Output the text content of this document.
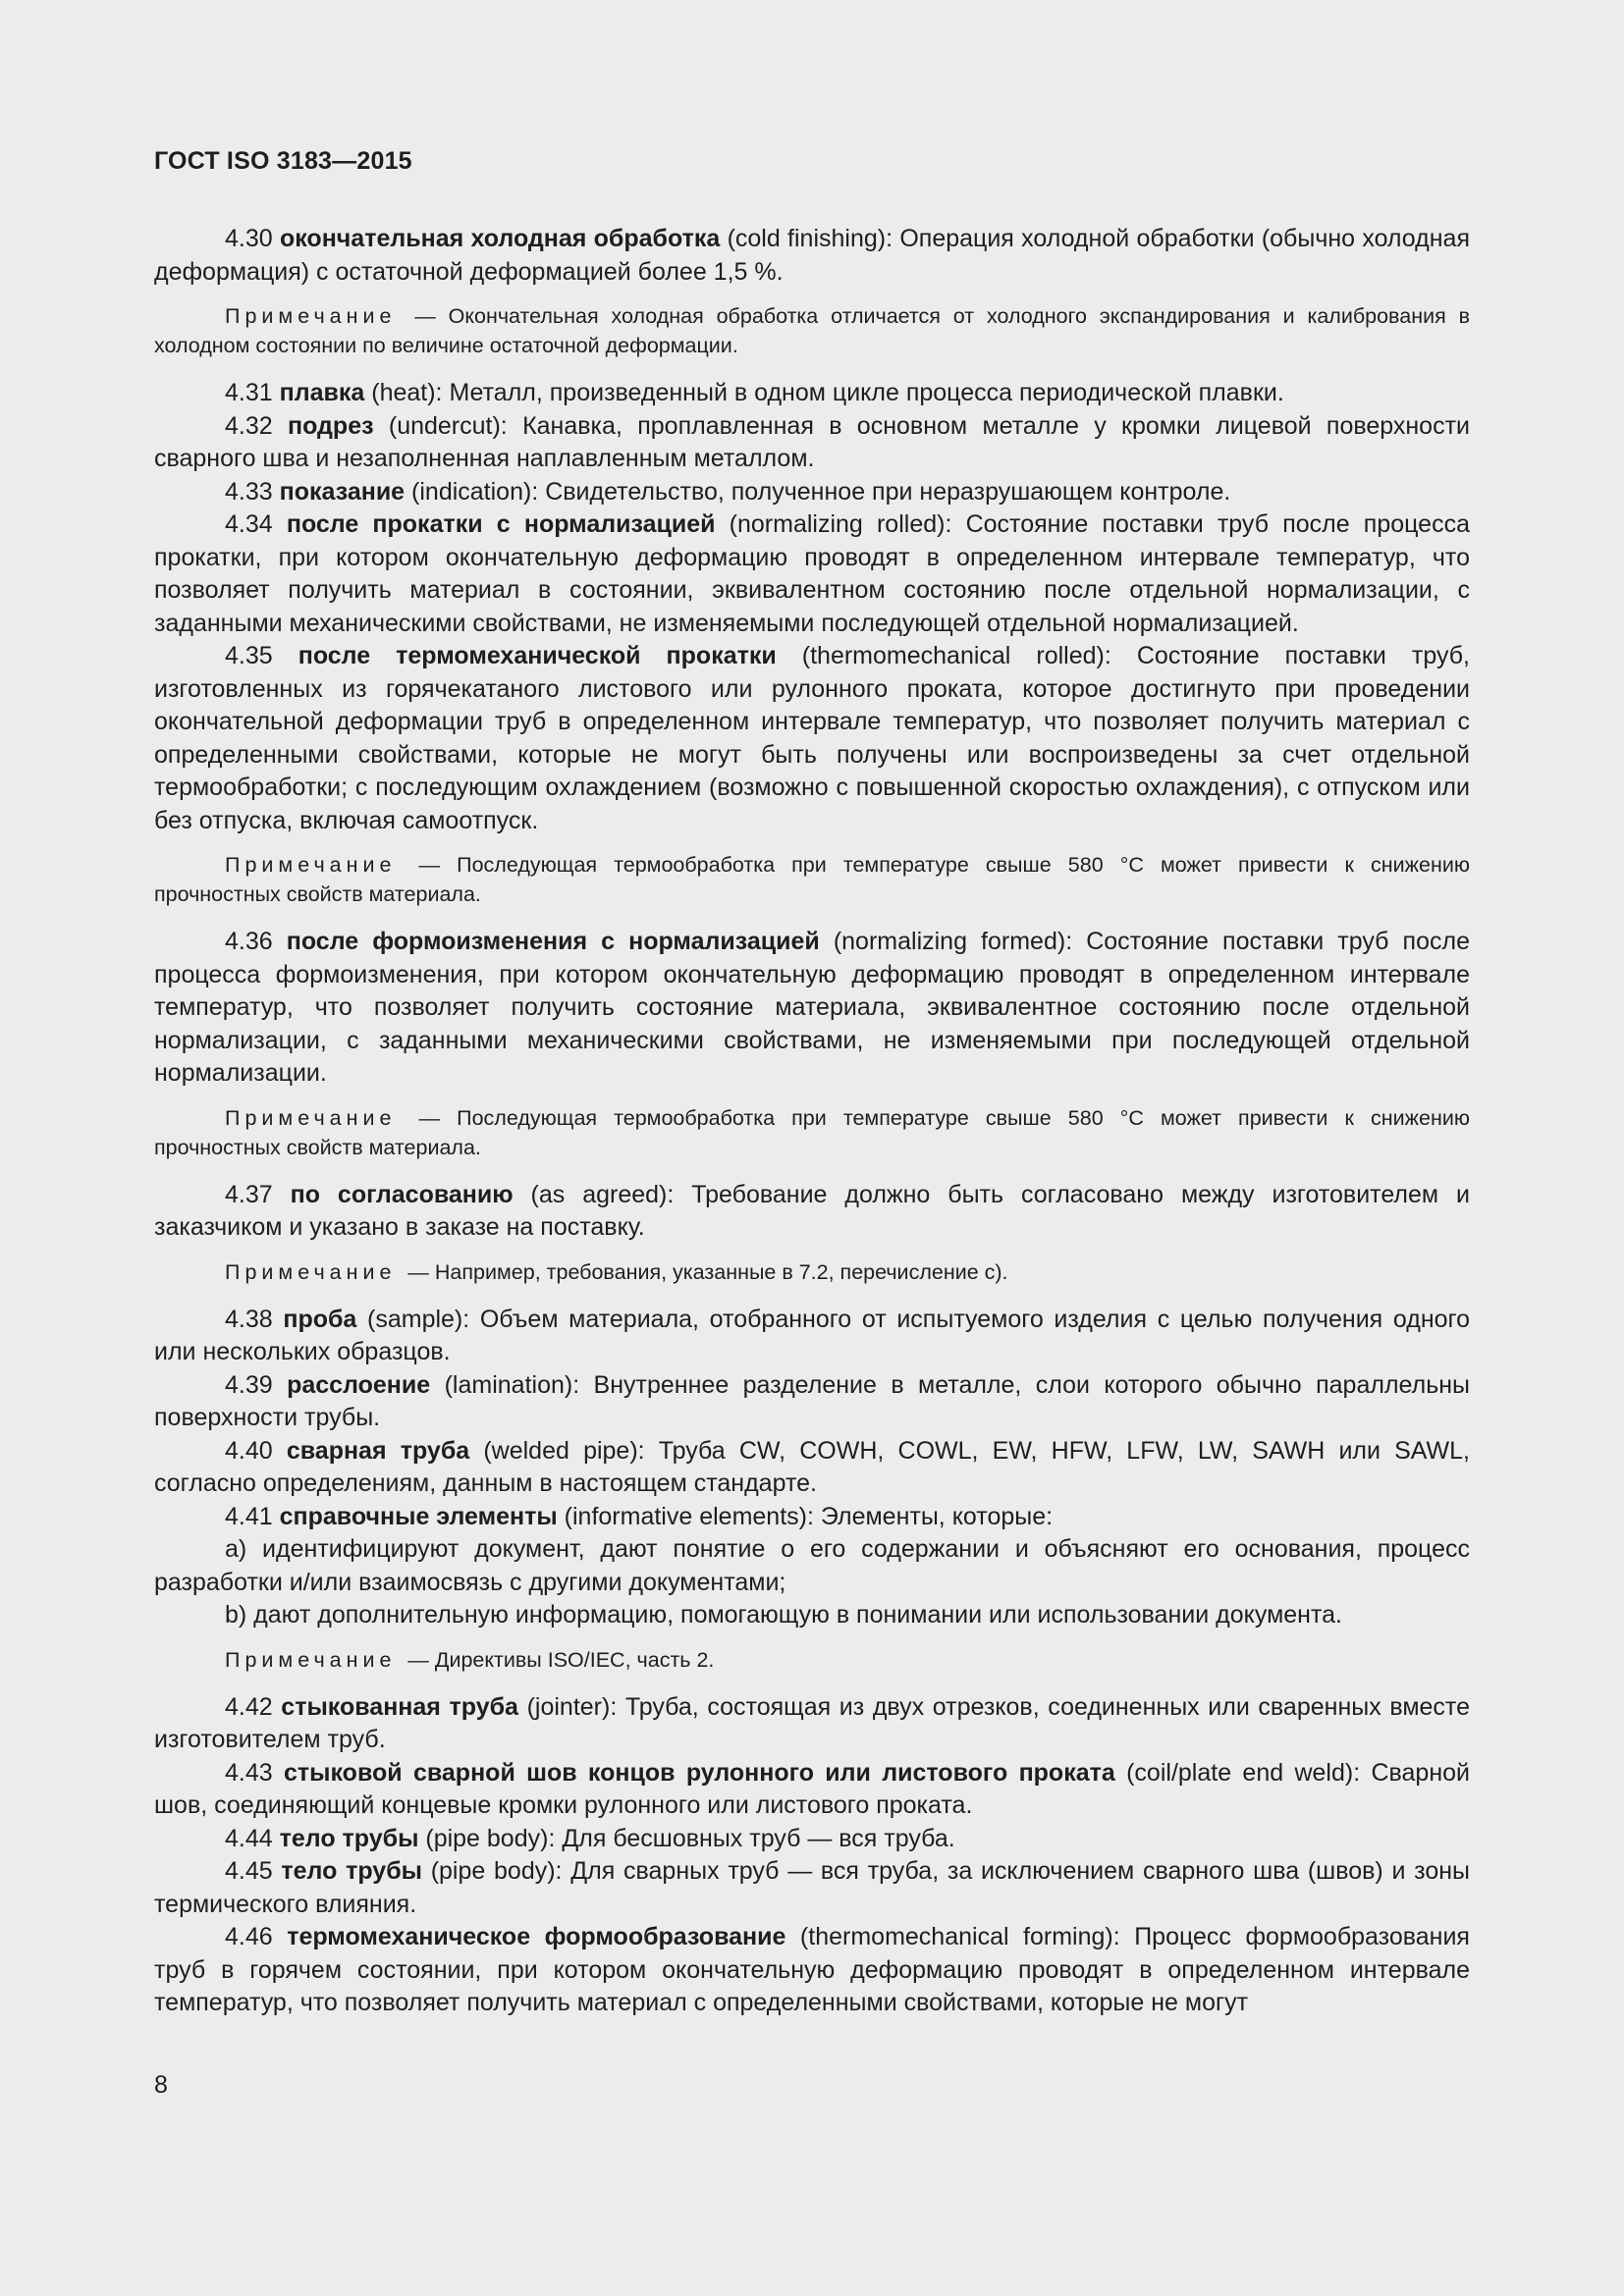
ГОСТ ISO 3183—2015

4.30 окончательная холодная обработка (cold finishing): Операция холодной обработки (обычно холодная деформация) с остаточной деформацией более 1,5 %.

Примечание — Окончательная холодная обработка отличается от холодного экспандирования и калибрования в холодном состоянии по величине остаточной деформации.

4.31 плавка (heat): Металл, произведенный в одном цикле процесса периодической плавки.

4.32 подрез (undercut): Канавка, проплавленная в основном металле у кромки лицевой поверхности сварного шва и незаполненная наплавленным металлом.

4.33 показание (indication): Свидетельство, полученное при неразрушающем контроле.

4.34 после прокатки с нормализацией (normalizing rolled): Состояние поставки труб после процесса прокатки, при котором окончательную деформацию проводят в определенном интервале температур, что позволяет получить материал в состоянии, эквивалентном состоянию после отдельной нормализации, с заданными механическими свойствами, не изменяемыми последующей отдельной нормализацией.

4.35 после термомеханической прокатки (thermomechanical rolled): Состояние поставки труб, изготовленных из горячекатаного листового или рулонного проката, которое достигнуто при проведении окончательной деформации труб в определенном интервале температур, что позволяет получить материал с определенными свойствами, которые не могут быть получены или воспроизведены за счет отдельной термообработки; с последующим охлаждением (возможно с повышенной скоростью охлаждения), с отпуском или без отпуска, включая самоотпуск.

Примечание — Последующая термообработка при температуре свыше 580 °C может привести к снижению прочностных свойств материала.

4.36 после формоизменения с нормализацией (normalizing formed): Состояние поставки труб после процесса формоизменения, при котором окончательную деформацию проводят в определенном интервале температур, что позволяет получить состояние материала, эквивалентное состоянию после отдельной нормализации, с заданными механическими свойствами, не изменяемыми при последующей отдельной нормализации.

Примечание — Последующая термообработка при температуре свыше 580 °C может привести к снижению прочностных свойств материала.

4.37 по согласованию (as agreed): Требование должно быть согласовано между изготовителем и заказчиком и указано в заказе на поставку.

Примечание — Например, требования, указанные в 7.2, перечисление c).

4.38 проба (sample): Объем материала, отобранного от испытуемого изделия с целью получения одного или нескольких образцов.

4.39 расслоение (lamination): Внутреннее разделение в металле, слои которого обычно параллельны поверхности трубы.

4.40 сварная труба (welded pipe): Труба CW, COWH, COWL, EW, HFW, LFW, LW, SAWH или SAWL, согласно определениям, данным в настоящем стандарте.

4.41 справочные элементы (informative elements): Элементы, которые:

a) идентифицируют документ, дают понятие о его содержании и объясняют его основания, процесс разработки и/или взаимосвязь с другими документами;

b) дают дополнительную информацию, помогающую в понимании или использовании документа.

Примечание — Директивы ISO/IEC, часть 2.

4.42 стыкованная труба (jointer): Труба, состоящая из двух отрезков, соединенных или сваренных вместе изготовителем труб.

4.43 стыковой сварной шов концов рулонного или листового проката (coil/plate end weld): Сварной шов, соединяющий концевые кромки рулонного или листового проката.

4.44 тело трубы (pipe body): Для бесшовных труб — вся труба.

4.45 тело трубы (pipe body): Для сварных труб — вся труба, за исключением сварного шва (швов) и зоны термического влияния.

4.46 термомеханическое формообразование (thermomechanical forming): Процесс формообразования труб в горячем состоянии, при котором окончательную деформацию проводят в определенном интервале температур, что позволяет получить материал с определенными свойствами, которые не могут

8
